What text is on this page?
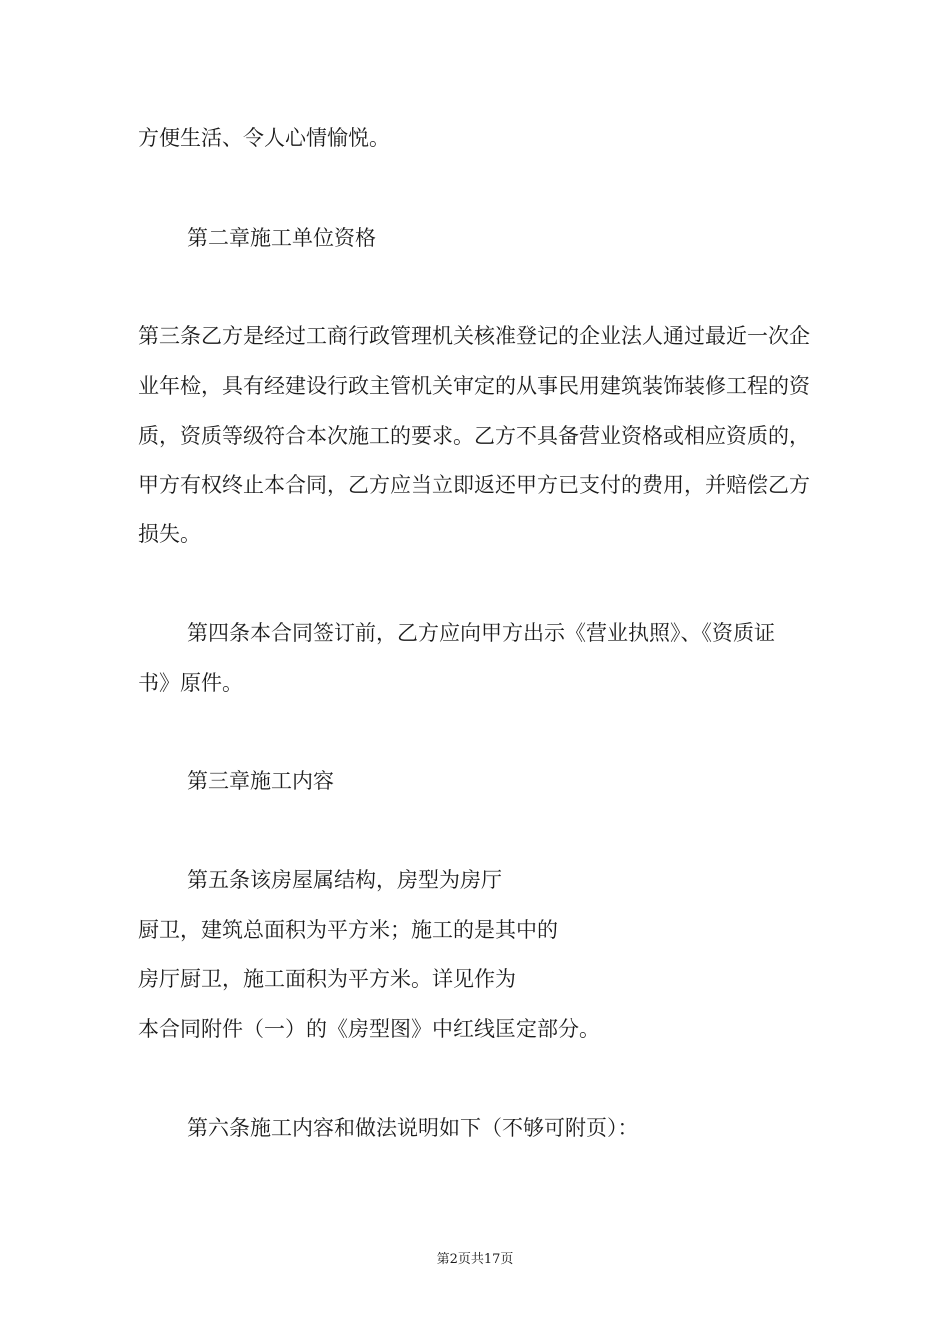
方便生活、令人心情愉悦。
第二章施工单位资格
第三条乙方是经过工商行政管理机关核准登记的企业法人通过最近一次企
业年检，具有经建设行政主管机关审定的从事民用建筑装饰装修工程的资
质，资质等级符合本次施工的要求。乙方不具备营业资格或相应资质的，
甲方有权终止本合同，乙方应当立即返还甲方已支付的费用，并赔偿乙方
损失。
第四条本合同签订前，乙方应向甲方出示《营业执照》、《资质证
书》原件。
第三章施工内容
第五条该房屋属结构，房型为房厅
厨卫，建筑总面积为平方米；施工的是其中的
房厅厨卫，施工面积为平方米。详见作为
本合同附件（一）的《房型图》中红线匡定部分。
第六条施工内容和做法说明如下（不够可附页）：
第2页共17页
